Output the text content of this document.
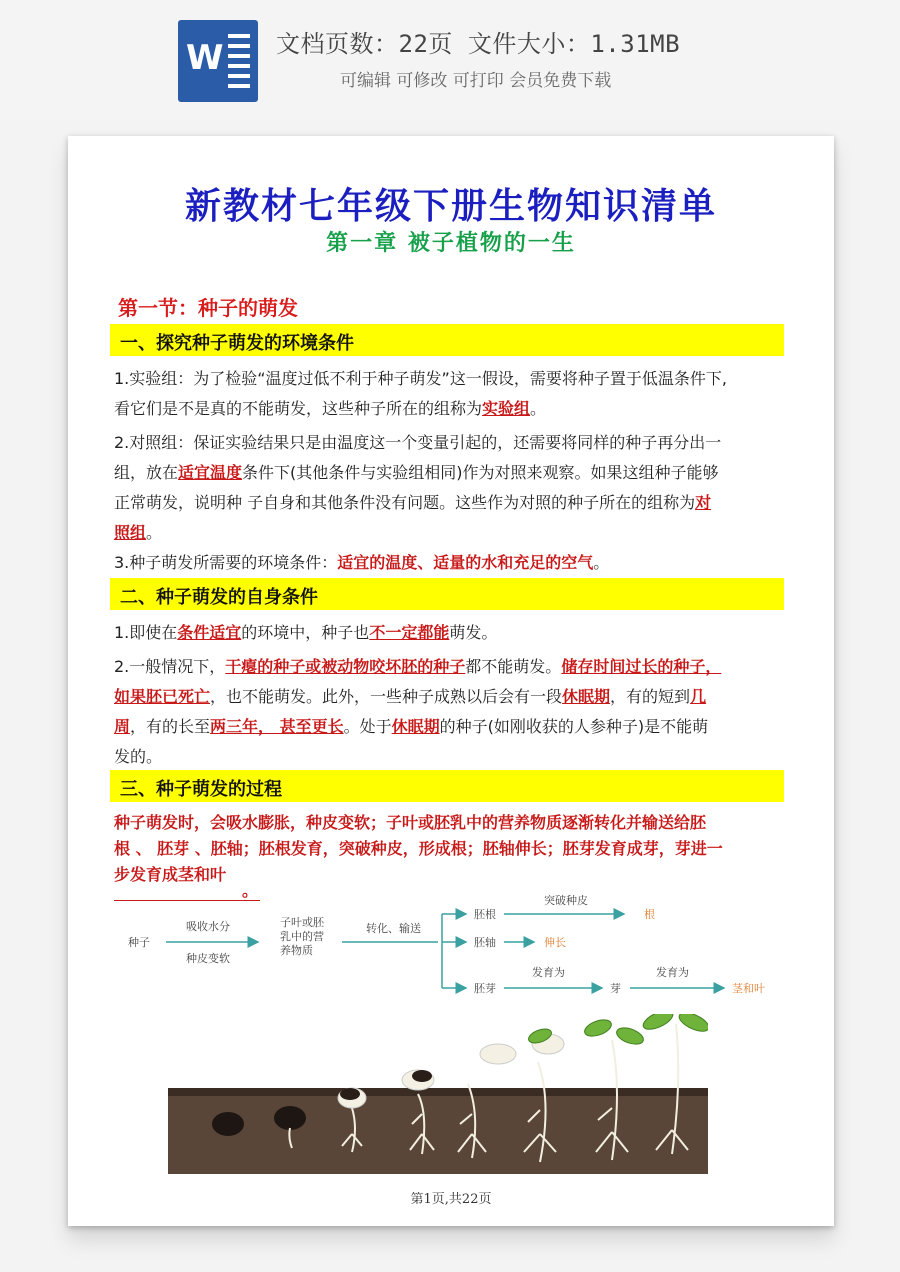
W 文档页数：22页 文件大小：1.31MB
可编辑 可修改 可打印 会员免费下载
新教材七年级下册生物知识清单
第一章 被子植物的一生
第一节：种子的萌发
一、探究种子萌发的环境条件
1.实验组：为了检验“温度过低不利于种子萌发”这一假设，需要将种子置于低温条件下,
看它们是不是真的不能萌发，这些种子所在的组称为实验组。
2.对照组：保证实验结果只是由温度这一个变量引起的，还需要将同样的种子再分出一
组，放在适宜温度条件下(其他条件与实验组相同)作为对照来观察。如果这组种子能够
正常萌发，说明种 子自身和其他条件没有问题。这些作为对照的种子所在的组称为对
照组。
3.种子萌发所需要的环境条件：适宜的温度、适量的水和充足的空气。
二、种子萌发的自身条件
1.即使在条件适宜的环境中，种子也不一定都能萌发。
2.一般情况下，干瘪的种子或被动物咬坏胚的种子都不能萌发。储存时间过长的种子，
如果胚已死亡，也不能萌发。此外，一些种子成熟以后会有一段休眠期，有的短到几
周，有的长至两三年， 甚至更长。处于休眠期的种子(如刚收获的人参种子)是不能萌
发的。
三、种子萌发的过程
种子萌发时，会吸水膨胀，种皮变软；子叶或胚乳中的营养物质逐渐转化并输送给胚
根 、 胚芽 、胚轴；胚根发育，突破种皮，形成根；胚轴伸长；胚芽发育成芽，芽进一
步发育成茎和叶
。
种子
吸收水分
种皮变软
子叶或胚
乳中的营
养物质
转化、输送
胚根
突破种皮
根
胚轴	伸长
胚芽
发育为
芽
发育为
茎和叶
第1页,共22页
